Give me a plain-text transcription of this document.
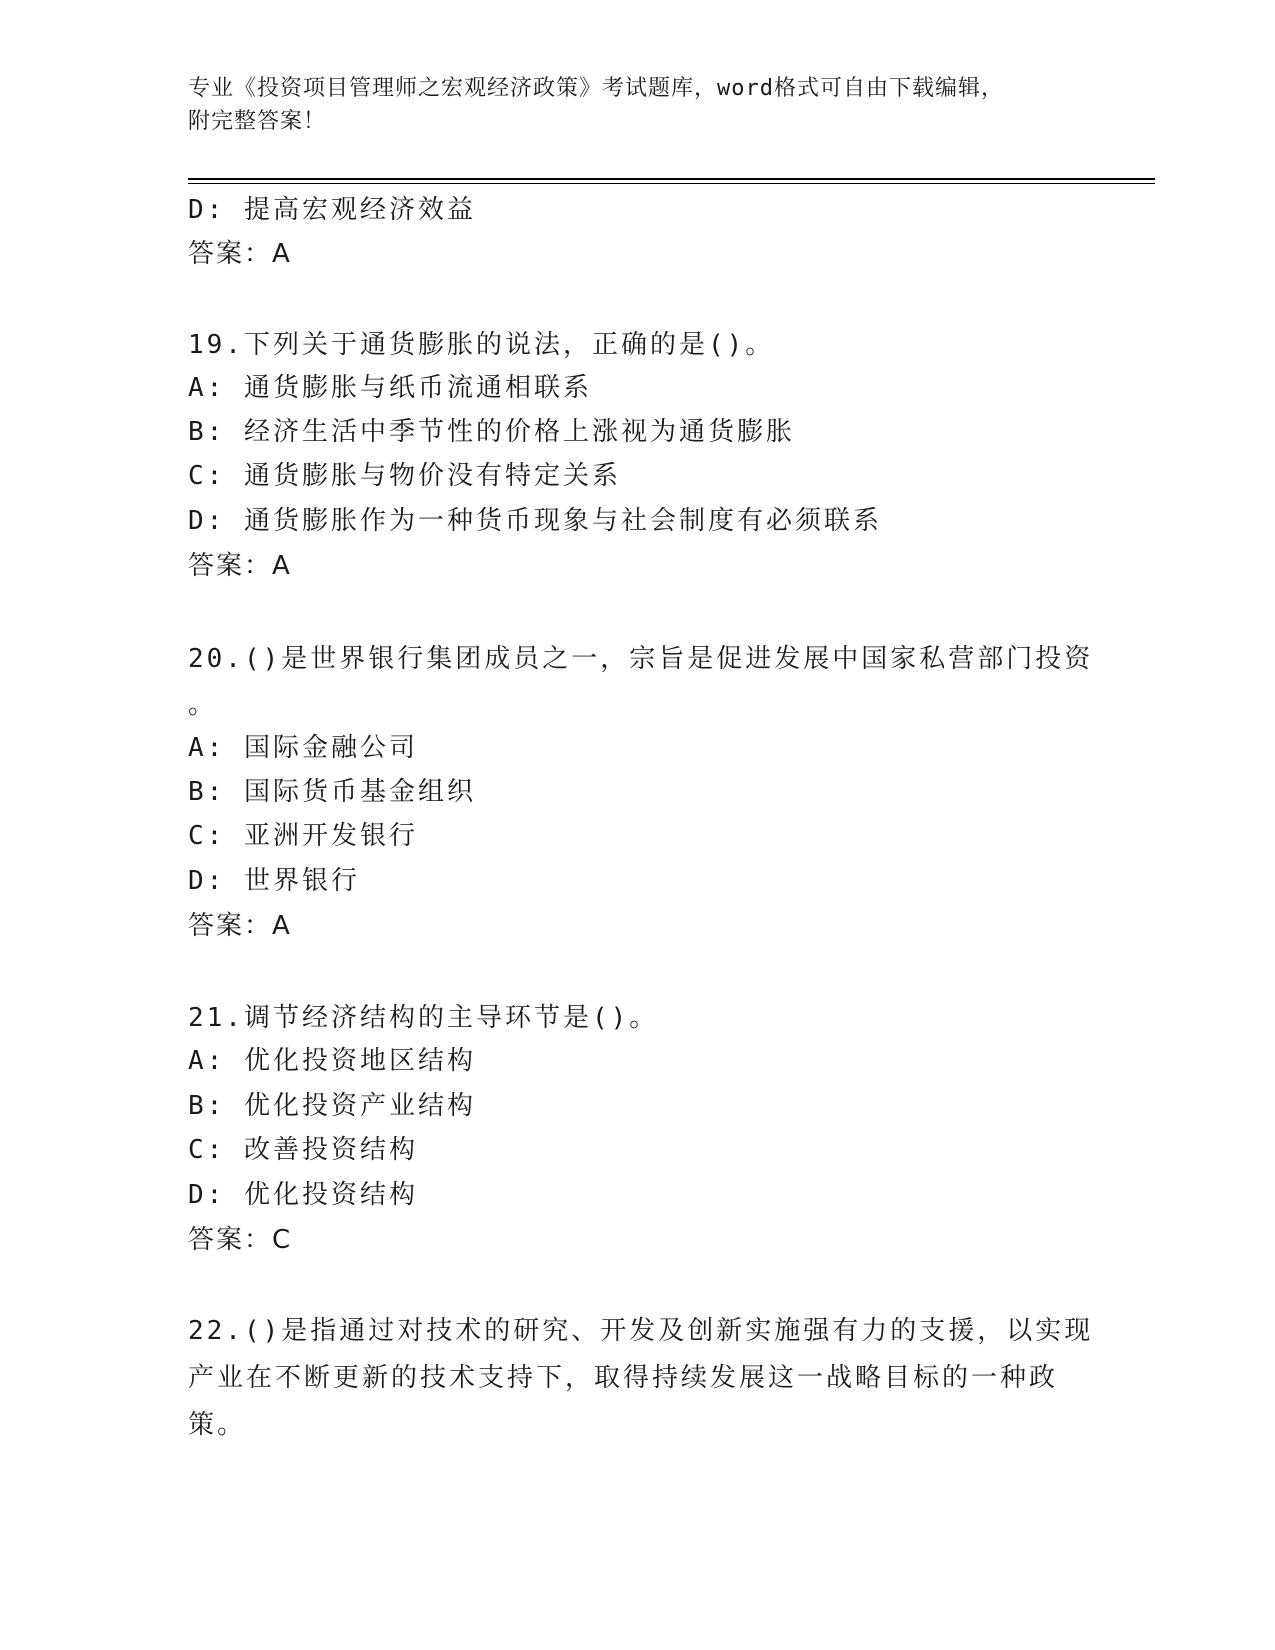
专业《投资项目管理师之宏观经济政策》考试题库，word格式可自由下载编辑，
附完整答案！
D: 提高宏观经济效益
答案：A
19.下列关于通货膨胀的说法，正确的是()。
A: 通货膨胀与纸币流通相联系
B: 经济生活中季节性的价格上涨视为通货膨胀
C: 通货膨胀与物价没有特定关系
D: 通货膨胀作为一种货币现象与社会制度有必须联系
答案：A
20.()是世界银行集团成员之一，宗旨是促进发展中国家私营部门投资
。
A: 国际金融公司
B: 国际货币基金组织
C: 亚洲开发银行
D: 世界银行
答案：A
21.调节经济结构的主导环节是()。
A: 优化投资地区结构
B: 优化投资产业结构
C: 改善投资结构
D: 优化投资结构
答案：C
22.()是指通过对技术的研究、开发及创新实施强有力的支援，以实现
产业在不断更新的技术支持下，取得持续发展这一战略目标的一种政
策。
